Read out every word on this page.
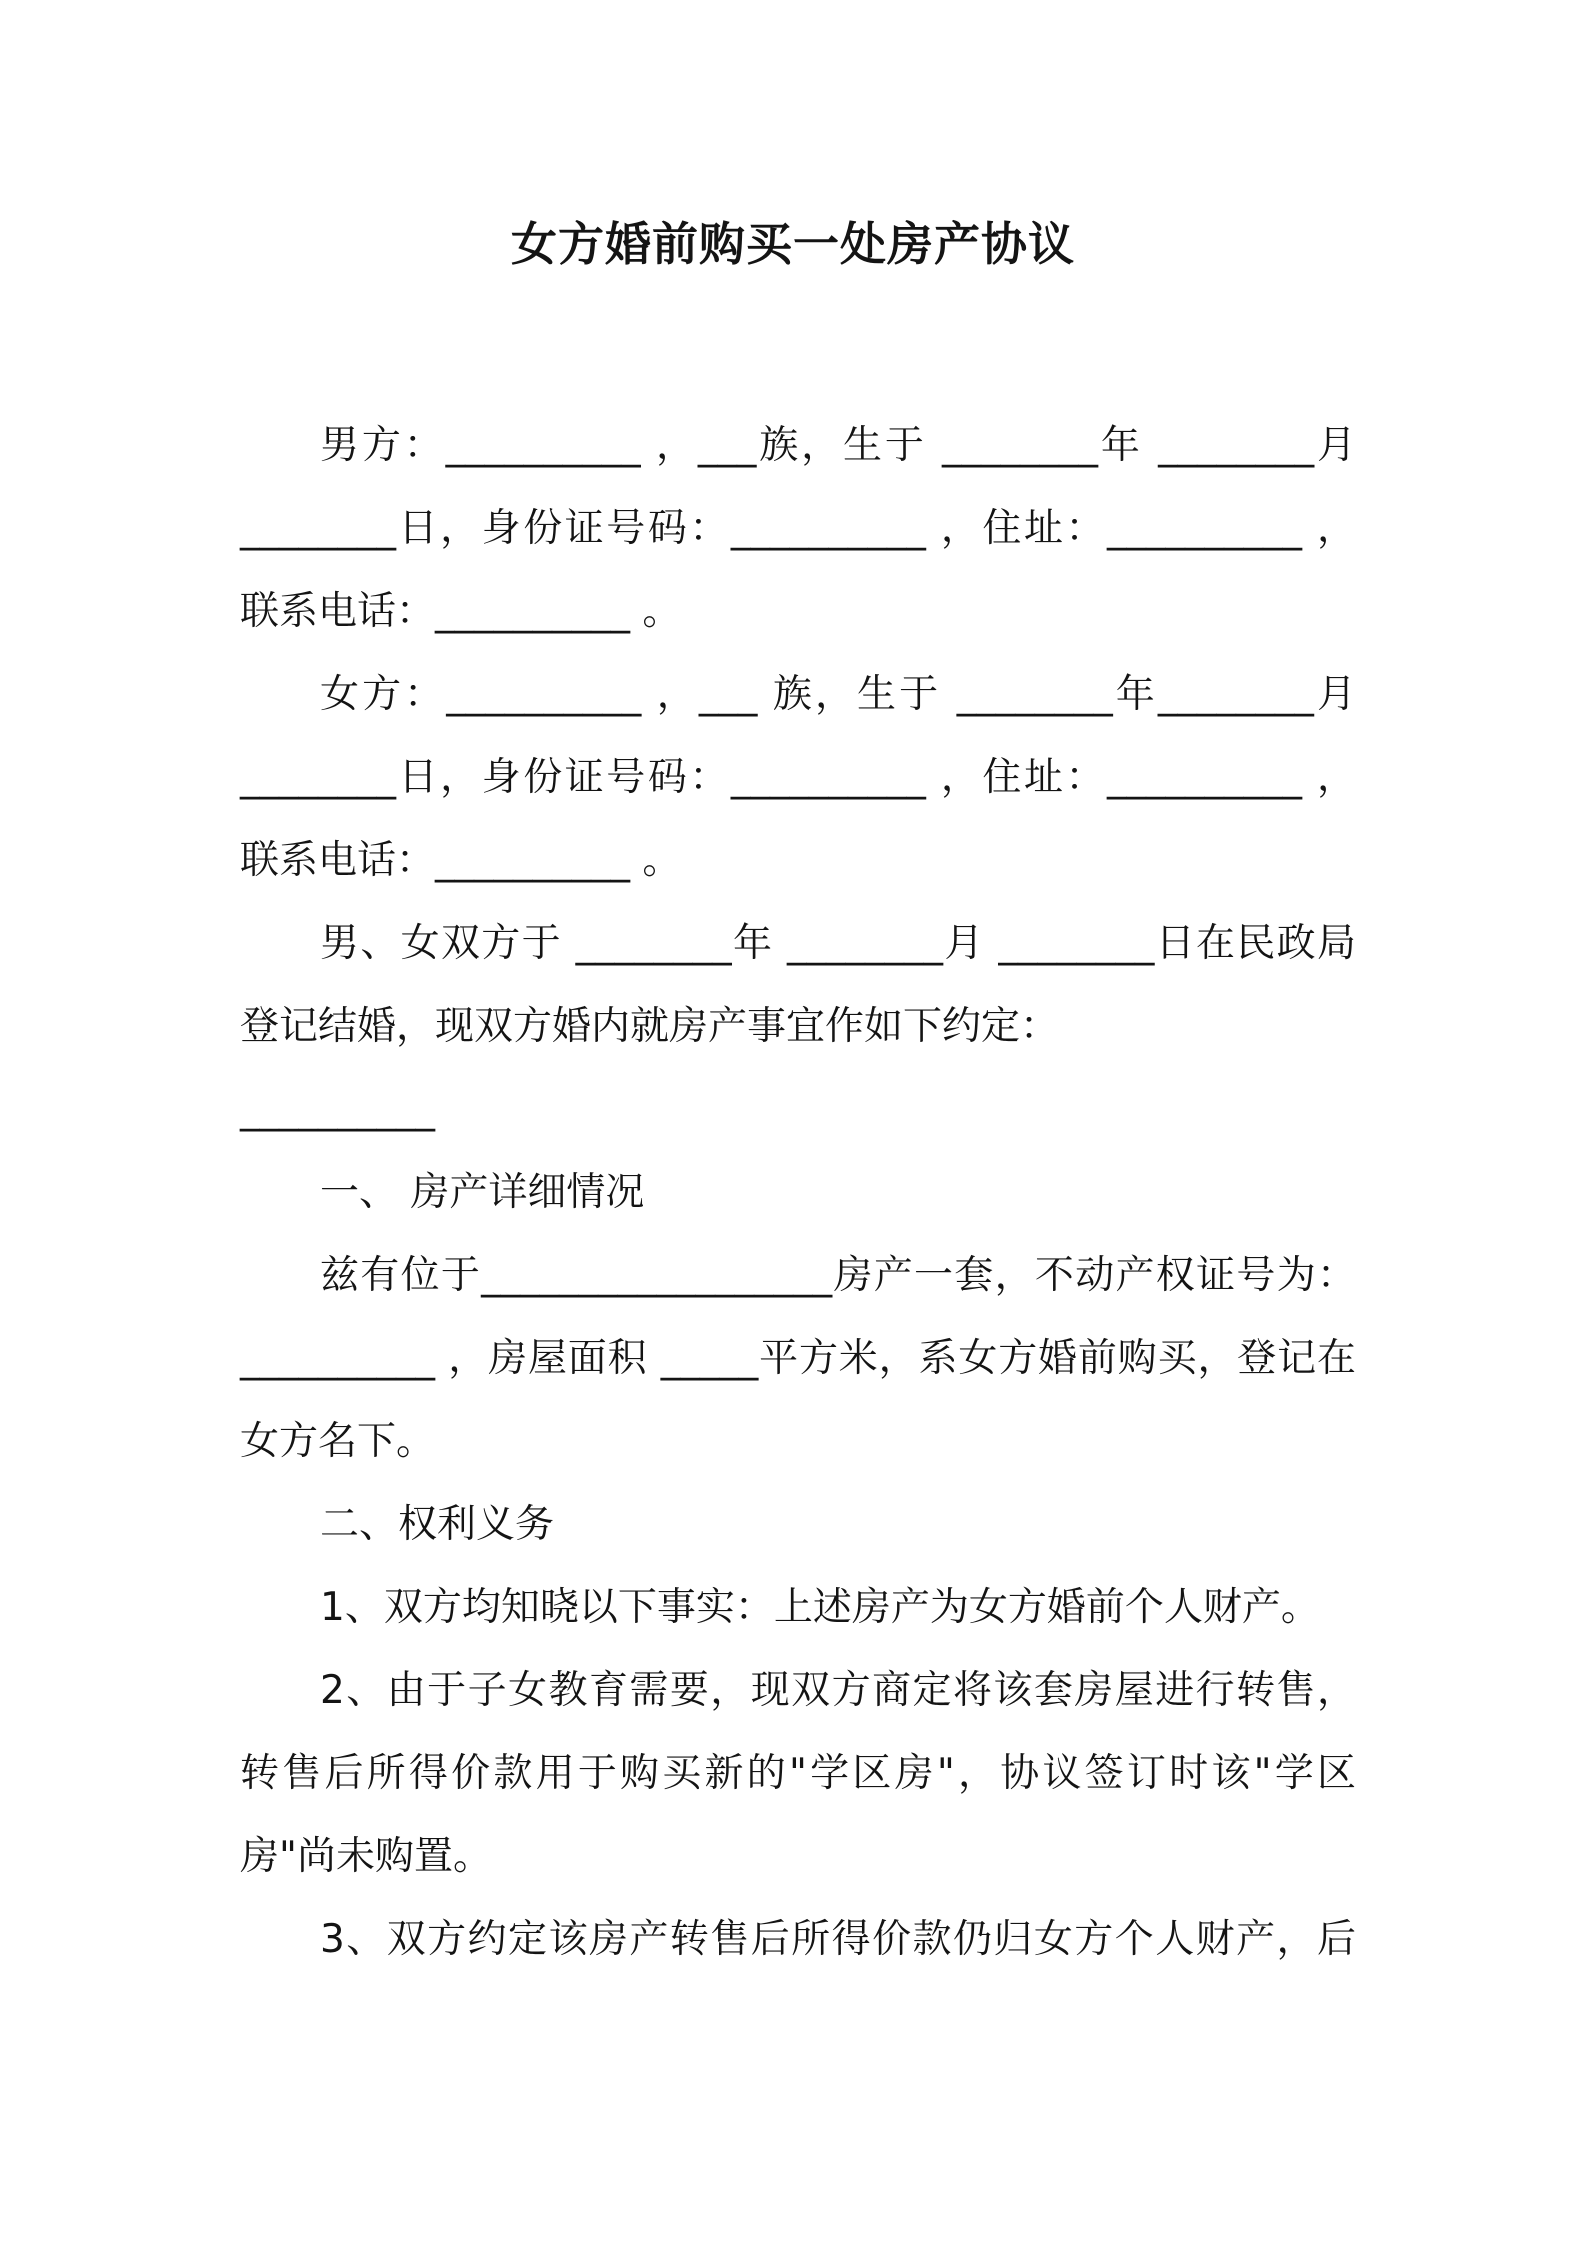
女方婚前购买一处房产协议

男方：__________ ，___族，生于 ________年 ________月 ________日，身份证号码：__________ ，住址：__________ ，联系电话：__________ 。

女方：__________ ，___ 族，生于 ________年________月 ________日，身份证号码：__________ ，住址：__________ ，联系电话：__________ 。

男、女双方于 ________年 ________月 ________日在民政局登记结婚，现双方婚内就房产事宜作如下约定：

__________

一、 房产详细情况

兹有位于__________________房产一套，不动产权证号为：__________ ，房屋面积 _____平方米，系女方婚前购买，登记在女方名下。

二、权利义务

1、双方均知晓以下事实：上述房产为女方婚前个人财产。

2、由于子女教育需要，现双方商定将该套房屋进行转售，转售后所得价款用于购买新的"学区房"，协议签订时该"学区房"尚未购置。

3、双方约定该房产转售后所得价款仍归女方个人财产，后
